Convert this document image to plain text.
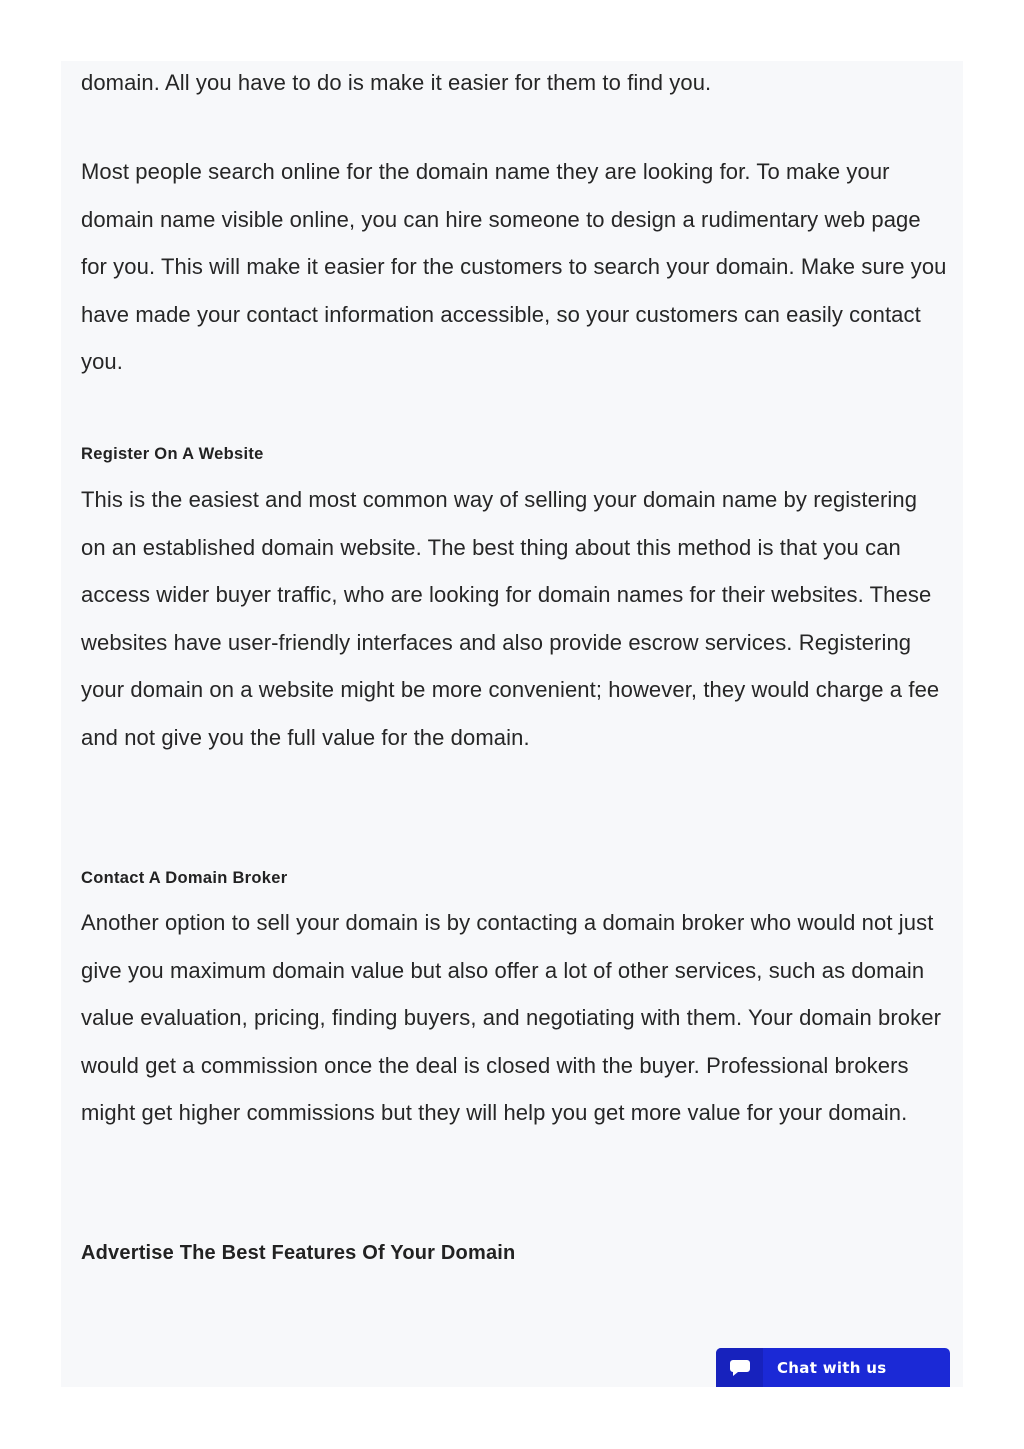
domain. All you have to do is make it easier for them to find you.

Most people search online for the domain name they are looking for. To make your domain name visible online, you can hire someone to design a rudimentary web page for you. This will make it easier for the customers to search your domain. Make sure you have made your contact information accessible, so your customers can easily contact you.

Register On A Website

This is the easiest and most common way of selling your domain name by registering on an established domain website. The best thing about this method is that you can access wider buyer traffic, who are looking for domain names for their websites. These websites have user-friendly interfaces and also provide escrow services. Registering your domain on a website might be more convenient; however, they would charge a fee and not give you the full value for the domain.

Contact A Domain Broker

Another option to sell your domain is by contacting a domain broker who would not just give you maximum domain value but also offer a lot of other services, such as domain value evaluation, pricing, finding buyers, and negotiating with them. Your domain broker would get a commission once the deal is closed with the buyer. Professional brokers might get higher commissions but they will help you get more value for your domain.

Advertise The Best Features Of Your Domain
Chat with us
